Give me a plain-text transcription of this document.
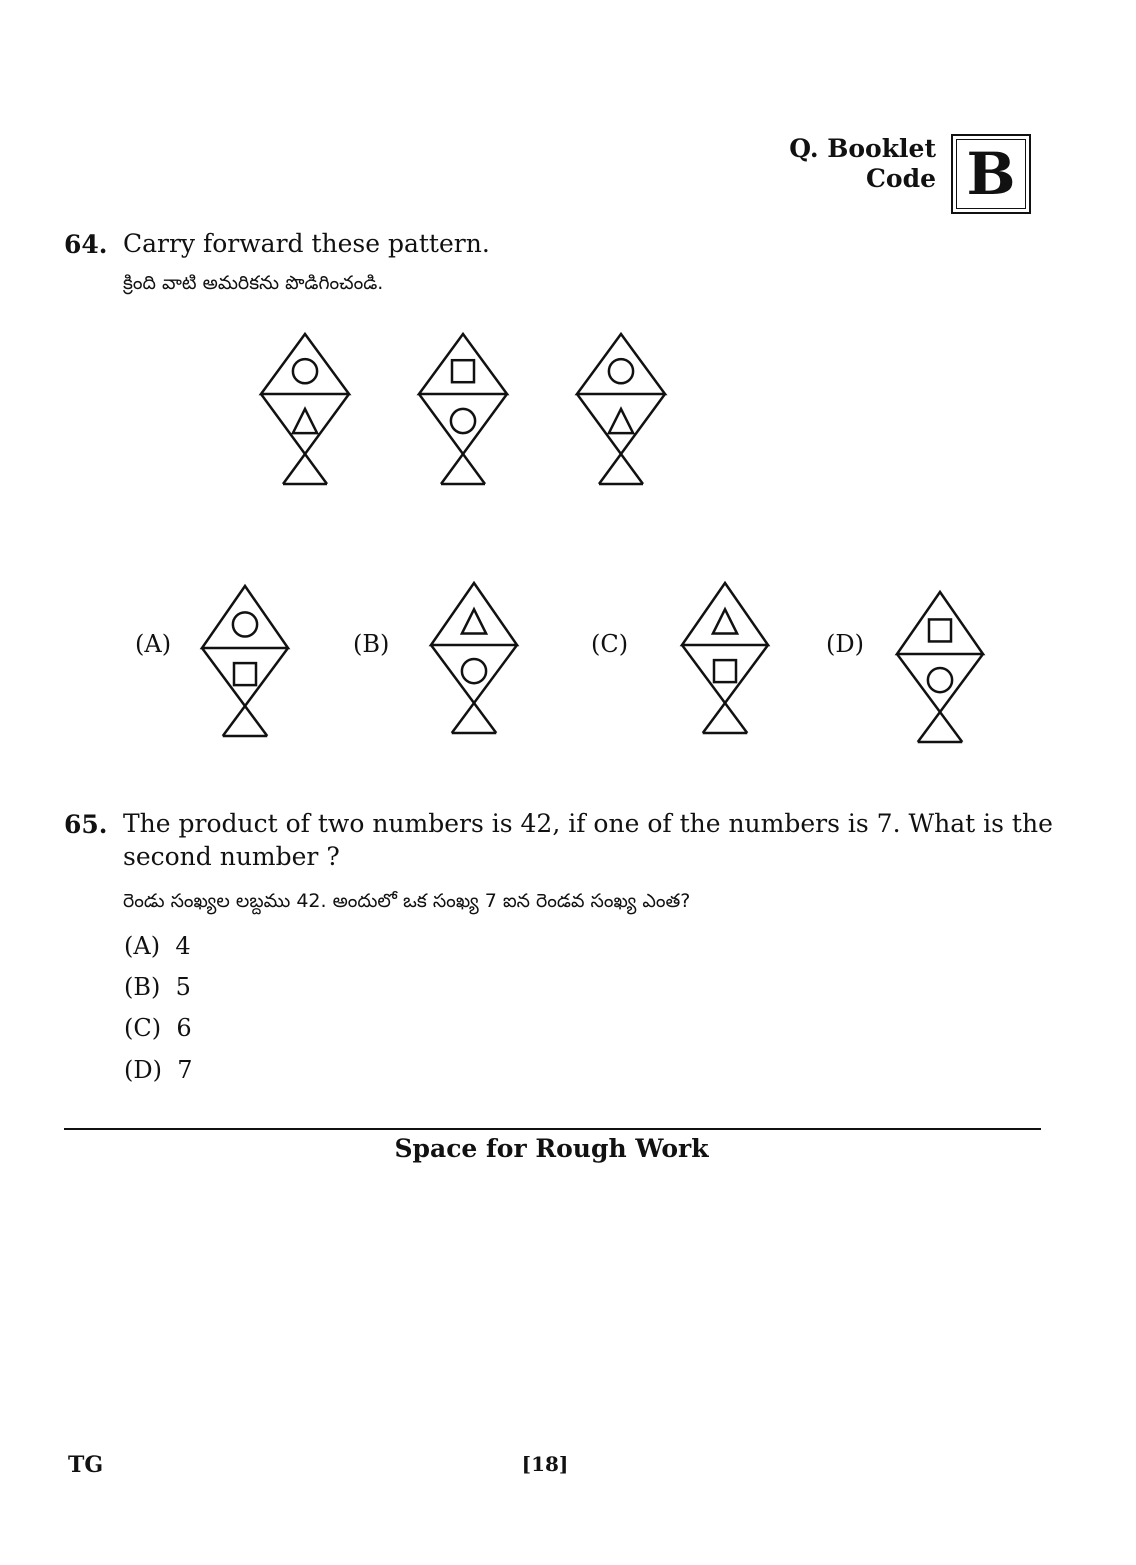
Q. Booklet
Code B
64. Carry forward these pattern.
క్రింది వాటి అమరికను పొడిగించండి.
(A)	(B)	(C)	(D)
65. The product of two numbers is 42, if one of the numbers is 7. What is the
second number ?
రెండు సంఖ్యల లబ్దము 42. అందులో ఒక సంఖ్య 7 ఐన రెండవ సంఖ్య ఎంత?
(A) 4
(B) 5
(C) 6
(D) 7
Space for Rough Work
TG	[18]
